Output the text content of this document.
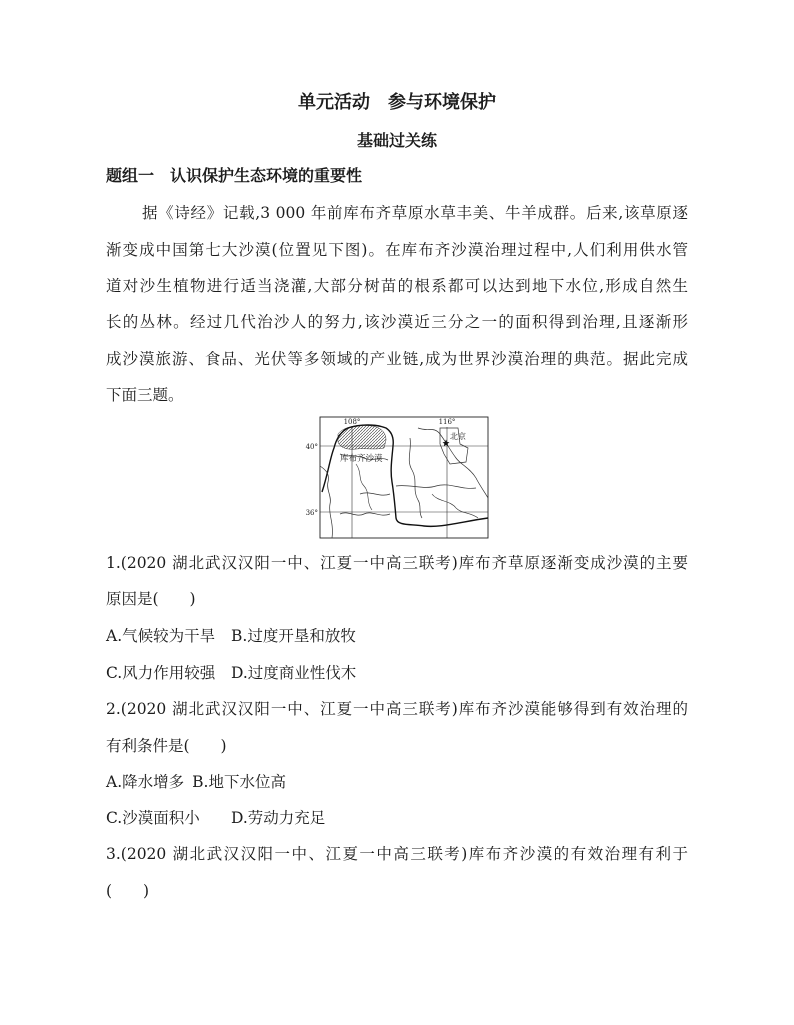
单元活动　参与环境保护
基础过关练
题组一　认识保护生态环境的重要性
据《诗经》记载,3 000 年前库布齐草原水草丰美、牛羊成群。后来,该草原逐
渐变成中国第七大沙漠(位置见下图)。在库布齐沙漠治理过程中,人们利用供水管
道对沙生植物进行适当浇灌,大部分树苗的根系都可以达到地下水位,形成自然生
长的丛林。经过几代治沙人的努力,该沙漠近三分之一的面积得到治理,且逐渐形
成沙漠旅游、食品、光伏等多领域的产业链,成为世界沙漠治理的典范。据此完成
下面三题。
108°	116°
40°
36°
库布齐沙漠
北京
1.(2020 湖北武汉汉阳一中、江夏一中高三联考)库布齐草原逐渐变成沙漠的主要
原因是(　　)
A.气候较为干旱 B.过度开垦和放牧
C.风力作用较强 D.过度商业性伐木
2.(2020 湖北武汉汉阳一中、江夏一中高三联考)库布齐沙漠能够得到有效治理的
有利条件是(　　)
A.降水增多 B.地下水位高
C.沙漠面积小 D.劳动力充足
3.(2020 湖北武汉汉阳一中、江夏一中高三联考)库布齐沙漠的有效治理有利于
(　　)
